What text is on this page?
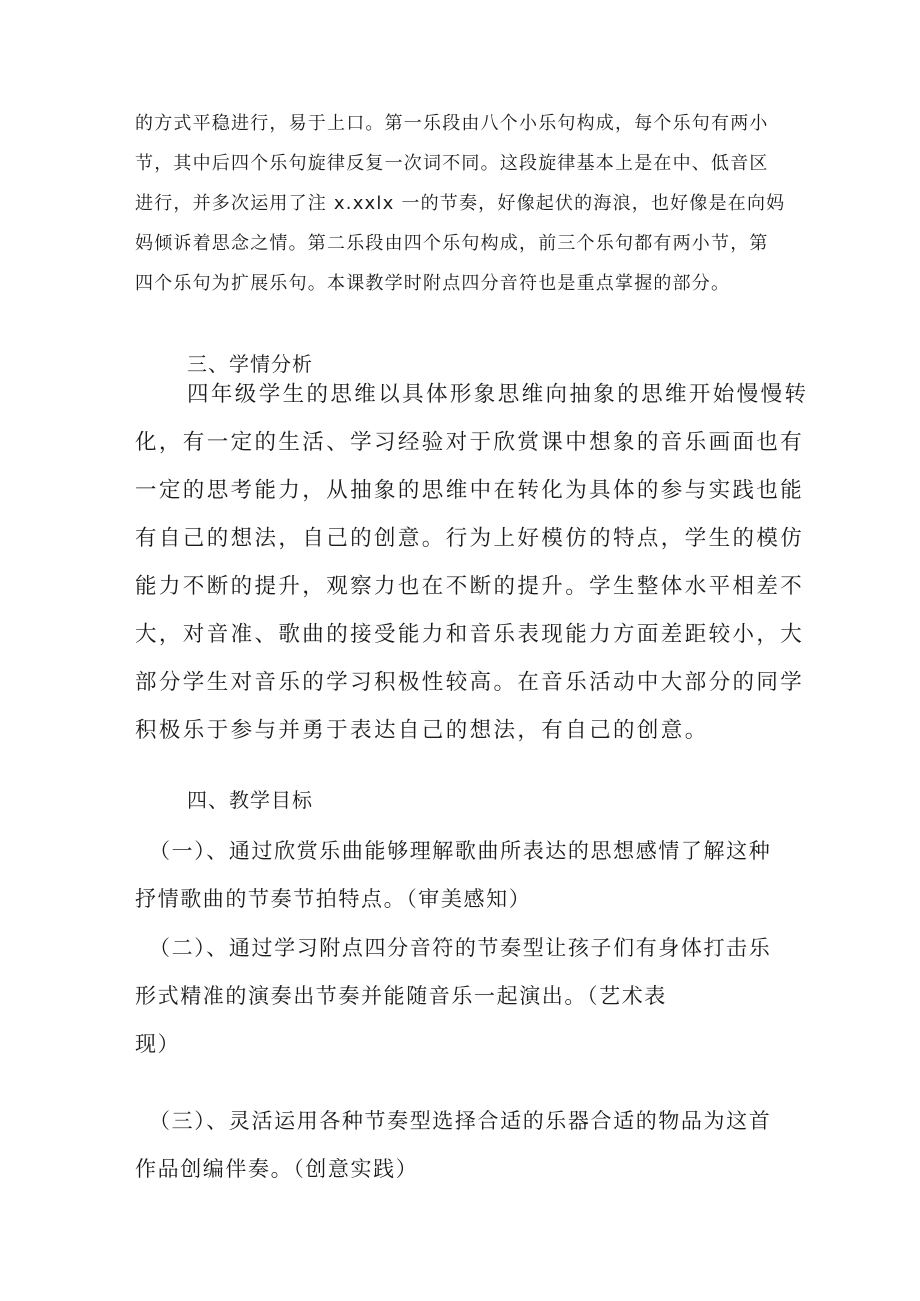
的方式平稳进行，易于上口。第一乐段由八个小乐句构成，每个乐句有两小
节，其中后四个乐句旋律反复一次词不同。这段旋律基本上是在中、低音区
进行，并多次运用了注 x.xxlx 一的节奏，好像起伏的海浪，也好像是在向妈
妈倾诉着思念之情。第二乐段由四个乐句构成，前三个乐句都有两小节，第
四个乐句为扩展乐句。本课教学时附点四分音符也是重点掌握的部分。
三、学情分析
四年级学生的思维以具体形象思维向抽象的思维开始慢慢转
化，有一定的生活、学习经验对于欣赏课中想象的音乐画面也有
一定的思考能力，从抽象的思维中在转化为具体的参与实践也能
有自己的想法，自己的创意。行为上好模仿的特点，学生的模仿
能力不断的提升，观察力也在不断的提升。学生整体水平相差不
大，对音准、歌曲的接受能力和音乐表现能力方面差距较小，大
部分学生对音乐的学习积极性较高。在音乐活动中大部分的同学
积极乐于参与并勇于表达自己的想法，有自己的创意。
四、教学目标
（一）、通过欣赏乐曲能够理解歌曲所表达的思想感情了解这种
抒情歌曲的节奏节拍特点。（审美感知）
（二）、通过学习附点四分音符的节奏型让孩子们有身体打击乐
形式精准的演奏出节奏并能随音乐一起演出。（艺术表
现）
（三）、灵活运用各种节奏型选择合适的乐器合适的物品为这首
作品创编伴奏。（创意实践）
